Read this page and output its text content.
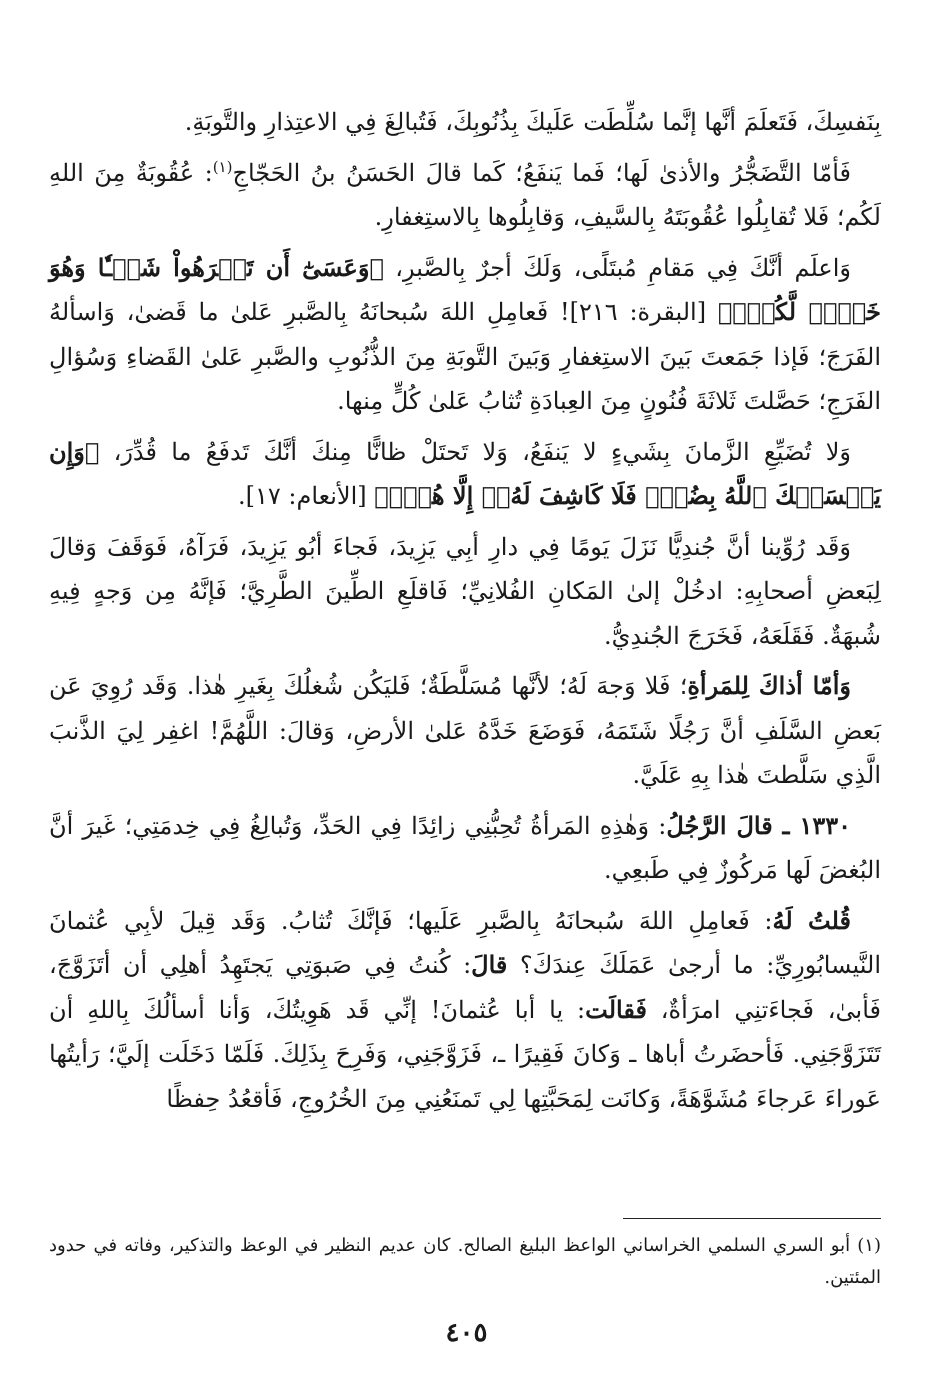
بِنَفسِكَ، فَتَعلَمَ أنَّها إنَّما سُلِّطَت عَلَيكَ بِذُنُوبِكَ، فَتُبالِغَ فِي الاعتِذارِ والتَّوبَةِ.

فَأمّا التَّضَجُّرُ والأذىٰ لَها؛ فَما يَنفَعُ؛ كَما قالَ الحَسَنُ بنُ الحَجّاجِ$^{(١)}$: عُقُوبَةٌ مِنَ اللهِ لَكُم؛ فَلا تُقابِلُوا عُقُوبَتَهُ بِالسَّيفِ، وَقابِلُوها بِالاستِغفارِ.

وَاعلَم أنَّكَ فِي مَقامِ مُبتَلًى، وَلَكَ أجرٌ بِالصَّبرِ، ﴿وَعَسَىٰٓ أَن تَكۡرَهُواْ شَيۡـٔٗا وَهُوَ خَيۡرٞ لَّكُمۡۖ﴾ [البقرة: ٢١٦]! فَعامِلِ اللهَ سُبحانَهُ بِالصَّبرِ عَلىٰ ما قَضىٰ، وَاسألهُ الفَرَجَ؛ فَإذا جَمَعتَ بَينَ الاستِغفارِ وَبَينَ التَّوبَةِ مِنَ الذُّنُوبِ والصَّبرِ عَلىٰ القَضاءِ وَسُؤالِ الفَرَجِ؛ حَصَّلتَ ثَلاثَةَ فُنُونٍ مِنَ العِبادَةِ تُثابُ عَلىٰ كُلٍّ مِنها.

وَلا تُضَيِّعِ الزَّمانَ بِشَيءٍ لا يَنفَعُ، وَلا تَحتَلْ ظانًّا مِنكَ أنَّكَ تَدفَعُ ما قُدِّرَ، ﴿وَإِن يَمۡسَسۡكَ ٱللَّهُ بِضُرّٖ فَلَا كَاشِفَ لَهُۥٓ إِلَّا هُوَۖ﴾ [الأنعام: ١٧].

وَقَد رُوِّينا أنَّ جُندِيًّا نَزَلَ يَومًا فِي دارِ أبِي يَزِيدَ، فَجاءَ أبُو يَزِيدَ، فَرَآهُ، فَوَقَفَ وَقالَ لِبَعضِ أصحابِهِ: ادخُلْ إلىٰ المَكانِ الفُلانِيِّ؛ فَاقلَعِ الطِّينَ الطَّرِيَّ؛ فَإنَّهُ مِن وَجهٍ فِيهِ شُبهَةٌ. فَقَلَعَهُ، فَخَرَجَ الجُندِيُّ.

وَأمّا أذاكَ لِلمَرأةِ؛ فَلا وَجهَ لَهُ؛ لأنَّها مُسَلَّطَةٌ؛ فَليَكُن شُغلُكَ بِغَيرِ هٰذا. وَقَد رُوِيَ عَن بَعضِ السَّلَفِ أنَّ رَجُلًا شَتَمَهُ، فَوَضَعَ خَدَّهُ عَلىٰ الأرضِ، وَقالَ: اللَّهُمَّ! اغفِر لِيَ الذَّنبَ الَّذِي سَلَّطتَ هٰذا بِهِ عَلَيَّ.

١٣٣٠ ـ قالَ الرَّجُلُ: وَهٰذِهِ المَرأةُ تُحِبُّنِي زائِدًا فِي الحَدِّ، وَتُبالِغُ فِي خِدمَتِي؛ غَيرَ أنَّ البُغضَ لَها مَركُوزٌ فِي طَبعِي.

قُلتُ لَهُ: فَعامِلِ اللهَ سُبحانَهُ بِالصَّبرِ عَلَيها؛ فَإنَّكَ تُثابُ. وَقَد قِيلَ لأبِي عُثمانَ النَّيسابُورِيِّ: ما أرجىٰ عَمَلَكَ عِندَكَ؟ قالَ: كُنتُ فِي صَبوَتِي يَجتَهِدُ أهلِي أن أتَزَوَّجَ، فَأبىٰ، فَجاءَتنِي امرَأةٌ، فَقالَت: يا أبا عُثمانَ! إنِّي قَد هَوِيتُكَ، وَأنا أسألُكَ بِاللهِ أن تَتَزَوَّجَنِي. فَأحضَرتُ أباها ـ وَكانَ فَقِيرًا ـ، فَزَوَّجَنِي، وَفَرِحَ بِذَلِكَ. فَلَمّا دَخَلَت إلَيَّ؛ رَأيتُها عَوراءَ عَرجاءَ مُشَوَّهَةً، وَكانَت لِمَحَبَّتِها لِي تَمنَعُنِي مِنَ الخُرُوجِ، فَأقعُدُ حِفظًا

(١) أبو السري السلمي الخراساني الواعظ البليغ الصالح. كان عديم النظير في الوعظ والتذكير، وفاته في حدود المئتين.
٤٠٥
